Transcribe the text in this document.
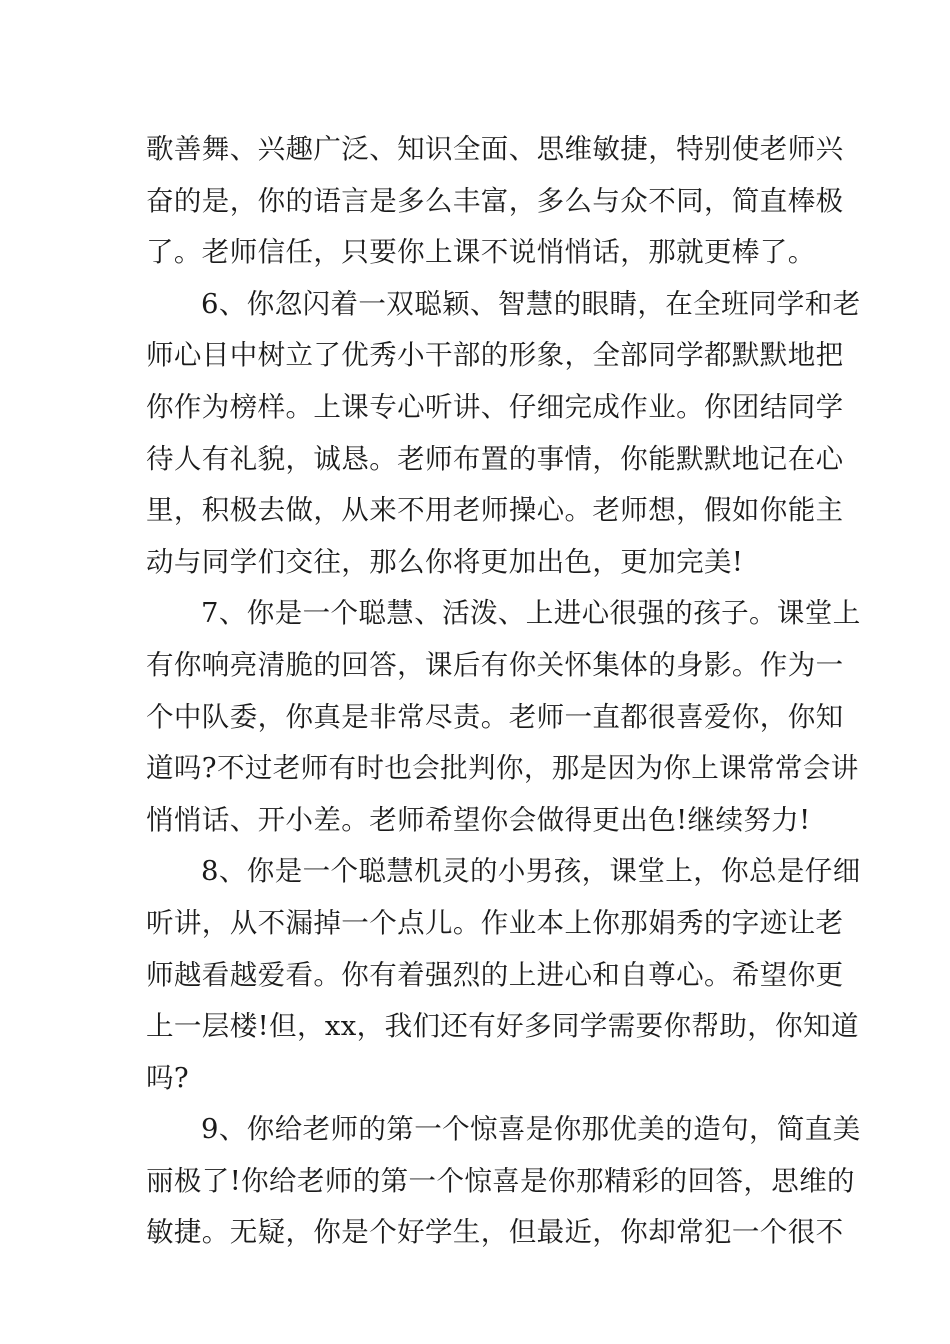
歌善舞、兴趣广泛、知识全面、思维敏捷，特别使老师兴
奋的是，你的语言是多么丰富，多么与众不同，简直棒极
了。老师信任，只要你上课不说悄悄话，那就更棒了。
6、你忽闪着一双聪颖、智慧的眼睛，在全班同学和老
师心目中树立了优秀小干部的形象，全部同学都默默地把
你作为榜样。上课专心听讲、仔细完成作业。你团结同学
待人有礼貌，诚恳。老师布置的事情，你能默默地记在心
里，积极去做，从来不用老师操心。老师想，假如你能主
动与同学们交往，那么你将更加出色，更加完美!
7、你是一个聪慧、活泼、上进心很强的孩子。课堂上
有你响亮清脆的回答，课后有你关怀集体的身影。作为一
个中队委，你真是非常尽责。老师一直都很喜爱你，你知
道吗?不过老师有时也会批判你，那是因为你上课常常会讲
悄悄话、开小差。老师希望你会做得更出色!继续努力!
8、你是一个聪慧机灵的小男孩，课堂上，你总是仔细
听讲，从不漏掉一个点儿。作业本上你那娟秀的字迹让老
师越看越爱看。你有着强烈的上进心和自尊心。希望你更
上一层楼!但，xx，我们还有好多同学需要你帮助，你知道
吗?
9、你给老师的第一个惊喜是你那优美的造句，简直美
丽极了!你给老师的第一个惊喜是你那精彩的回答，思维的
敏捷。无疑，你是个好学生，但最近，你却常犯一个很不
